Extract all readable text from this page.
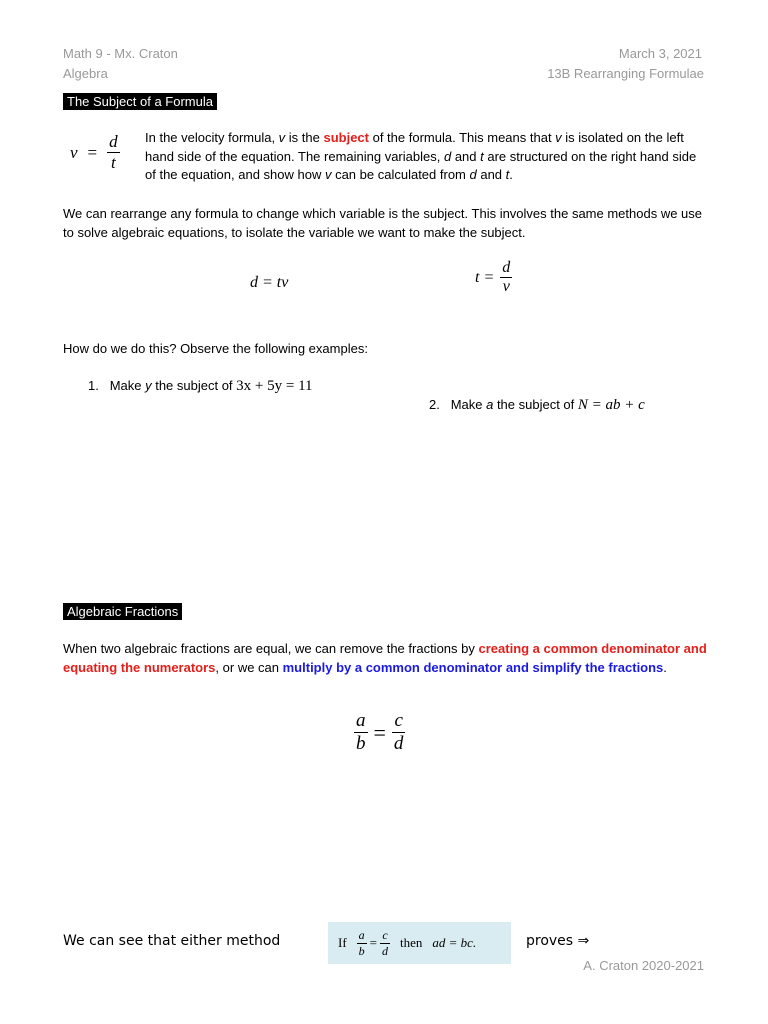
Math 9 - Mx. Craton
Algebra
March 3, 2021
13B Rearranging Formulae
The Subject of a Formula
$v = \frac{d}{t}$ In the velocity formula, v is the subject of the formula. This means that v is isolated on the left hand side of the equation. The remaining variables, d and t are structured on the right hand side of the equation, and show how v can be calculated from d and t.
We can rearrange any formula to change which variable is the subject. This involves the same methods we use to solve algebraic equations, to isolate the variable we want to make the subject.
d = tv	$t = \frac{d}{v}$
How do we do this? Observe the following examples:
1. Make y the subject of 3x + 5y = 11
2. Make a the subject of N = ab + c
Algebraic Fractions
When two algebraic fractions are equal, we can remove the fractions by creating a common denominator and equating the numerators, or we can multiply by a common denominator and simplify the fractions.
$\frac{a}{b} = \frac{c}{d}$
We can see that either method	If $\frac{a}{b} = \frac{c}{d}$ then ad = bc.	proves ⇒
A. Craton 2020-2021
